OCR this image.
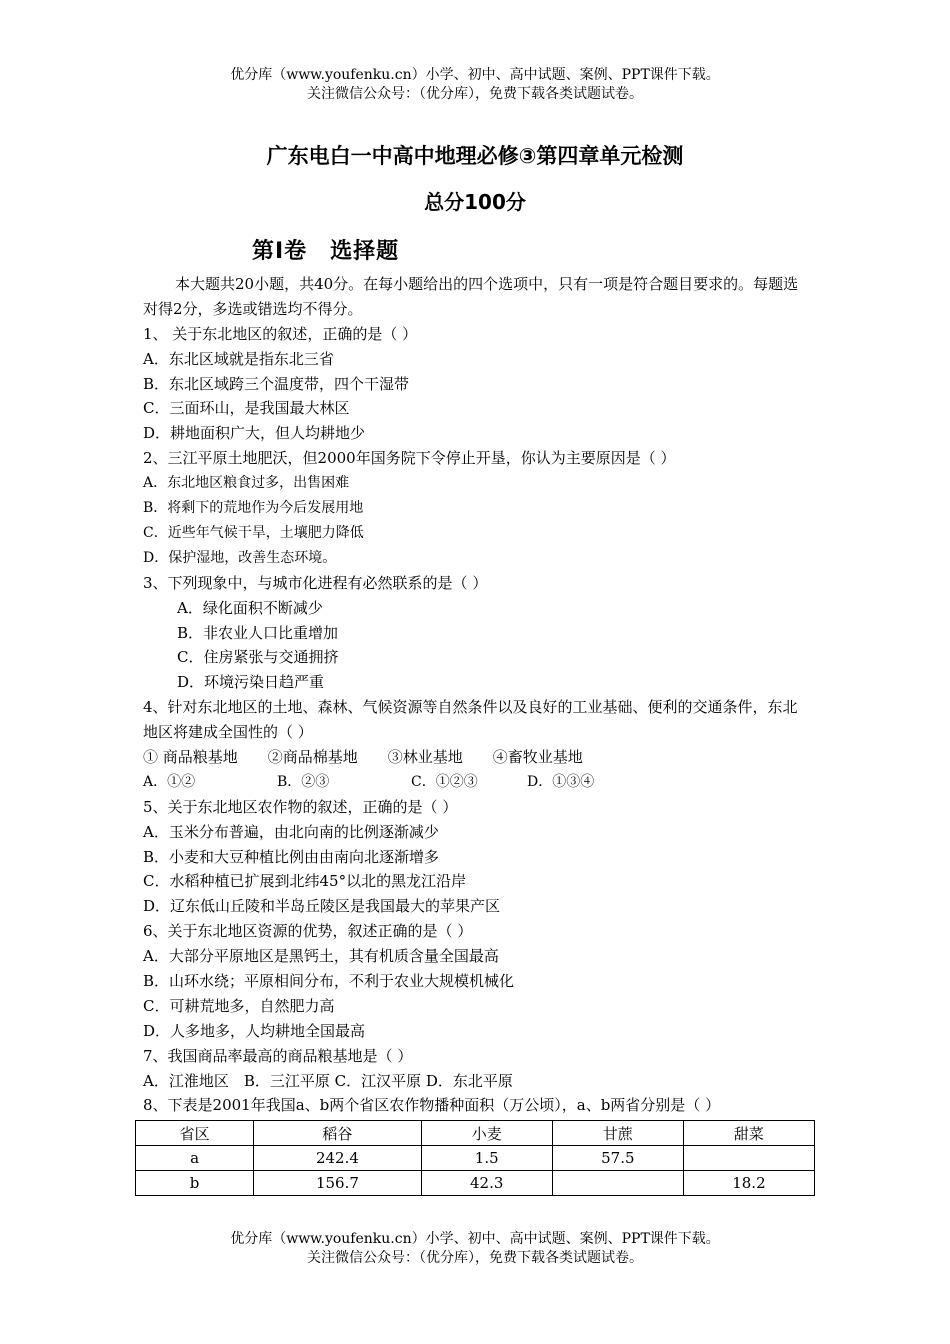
优分库（www.youfenku.cn）小学、初中、高中试题、案例、PPT课件下载。
关注微信公众号：（优分库），免费下载各类试题试卷。
广东电白一中高中地理必修③第四章单元检测
总分100分
第Ⅰ卷　选择题
本大题共20小题，共40分。在每小题给出的四个选项中，只有一项是符合题目要求的。每题选对得2分，多选或错选均不得分。
1、 关于东北地区的叙述，正确的是（ ）
A．东北区域就是指东北三省
B．东北区域跨三个温度带，四个干湿带
C．三面环山，是我国最大林区
D．耕地面积广大，但人均耕地少
2、三江平原土地肥沃，但2000年国务院下令停止开垦，你认为主要原因是（ ）
A．东北地区粮食过多，出售困难
B．将剩下的荒地作为今后发展用地
C．近些年气候干旱，土壤肥力降低
D．保护湿地，改善生态环境。
3、下列现象中，与城市化进程有必然联系的是（ ）
A．绿化面积不断减少
B．非农业人口比重增加
C．住房紧张与交通拥挤
D．环境污染日趋严重
4、针对东北地区的土地、森林、气候资源等自然条件以及良好的工业基础、便利的交通条件，东北地区将建成全国性的（ ）
① 商品粮基地　　②商品棉基地　　③林业基地　　④畜牧业基地
A．①②	B．②③	C．①②③	D．①③④
5、关于东北地区农作物的叙述，正确的是（ ）
A．玉米分布普遍，由北向南的比例逐渐减少
B．小麦和大豆种植比例由由南向北逐渐增多
C．水稻种植已扩展到北纬45°以北的黑龙江沿岸
D．辽东低山丘陵和半岛丘陵区是我国最大的苹果产区
6、关于东北地区资源的优势，叙述正确的是（ ）
A．大部分平原地区是黑钙土，其有机质含量全国最高
B．山环水绕；平原相间分布，不利于农业大规模机械化
C．可耕荒地多，自然肥力高
D．人多地多，人均耕地全国最高
7、我国商品率最高的商品粮基地是（ ）
A．江淮地区　B．三江平原 C．江汉平原 D．东北平原
8、下表是2001年我国a、b两个省区农作物播种面积（万公顷），a、b两省分别是（ ）
省区	稻谷	小麦	甘蔗	甜菜
a	242.4	1.5	57.5	
b	156.7	42.3		18.2
优分库（www.youfenku.cn）小学、初中、高中试题、案例、PPT课件下载。
关注微信公众号：（优分库），免费下载各类试题试卷。
